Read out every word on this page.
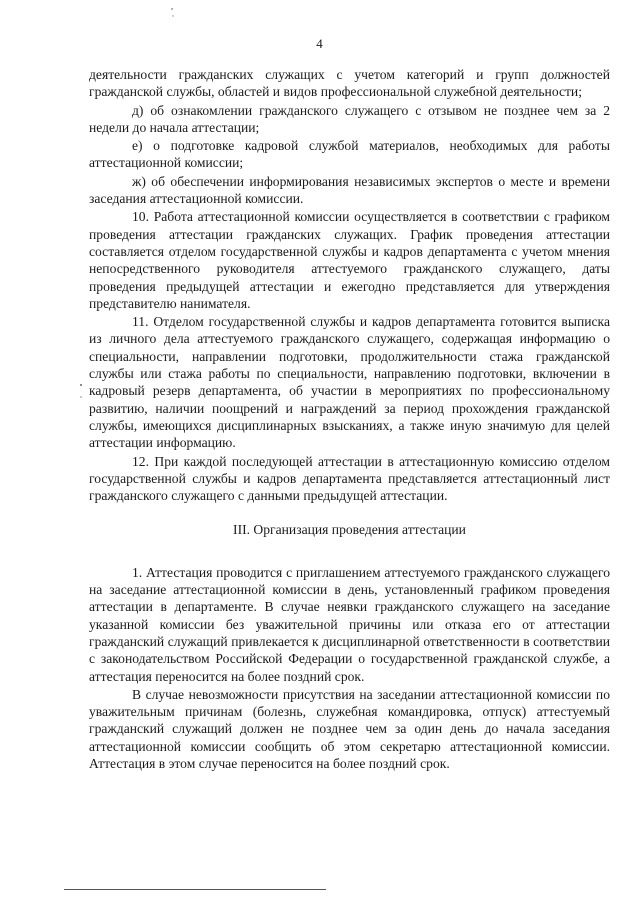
4

деятельности гражданских служащих с учетом категорий и групп должностей гражданской службы, областей и видов профессиональной служебной деятельности;

д) об ознакомлении гражданского служащего с отзывом не позднее чем за 2 недели до начала аттестации;

е) о подготовке кадровой службой материалов, необходимых для работы аттестационной комиссии;

ж) об обеспечении информирования независимых экспертов о месте и времени заседания аттестационной комиссии.

10. Работа аттестационной комиссии осуществляется в соответствии с графиком проведения аттестации гражданских служащих. График проведения аттестации составляется отделом государственной службы и кадров департамента с учетом мнения непосредственного руководителя аттестуемого гражданского служащего, даты проведения предыдущей аттестации и ежегодно представляется для утверждения представителю нанимателя.

11. Отделом государственной службы и кадров департамента готовится выписка из личного дела аттестуемого гражданского служащего, содержащая информацию о специальности, направлении подготовки, продолжительности стажа гражданской службы или стажа работы по специальности, направлению подготовки, включении в кадровый резерв департамента, об участии в мероприятиях по профессиональному развитию, наличии поощрений и награждений за период прохождения гражданской службы, имеющихся дисциплинарных взысканиях, а также иную значимую для целей аттестации информацию.

12. При каждой последующей аттестации в аттестационную комиссию отделом государственной службы и кадров департамента представляется аттестационный лист гражданского служащего с данными предыдущей аттестации.

III. Организация проведения аттестации

1. Аттестация проводится с приглашением аттестуемого гражданского служащего на заседание аттестационной комиссии в день, установленный графиком проведения аттестации в департаменте. В случае неявки гражданского служащего на заседание указанной комиссии без уважительной причины или отказа его от аттестации гражданский служащий привлекается к дисциплинарной ответственности в соответствии с законодательством Российской Федерации о государственной гражданской службе, а аттестация переносится на более поздний срок.

В случае невозможности присутствия на заседании аттестационной комиссии по уважительным причинам (болезнь, служебная командировка, отпуск) аттестуемый гражданский служащий должен не позднее чем за один день до начала заседания аттестационной комиссии сообщить об этом секретарю аттестационной комиссии. Аттестация в этом случае переносится на более поздний срок.
